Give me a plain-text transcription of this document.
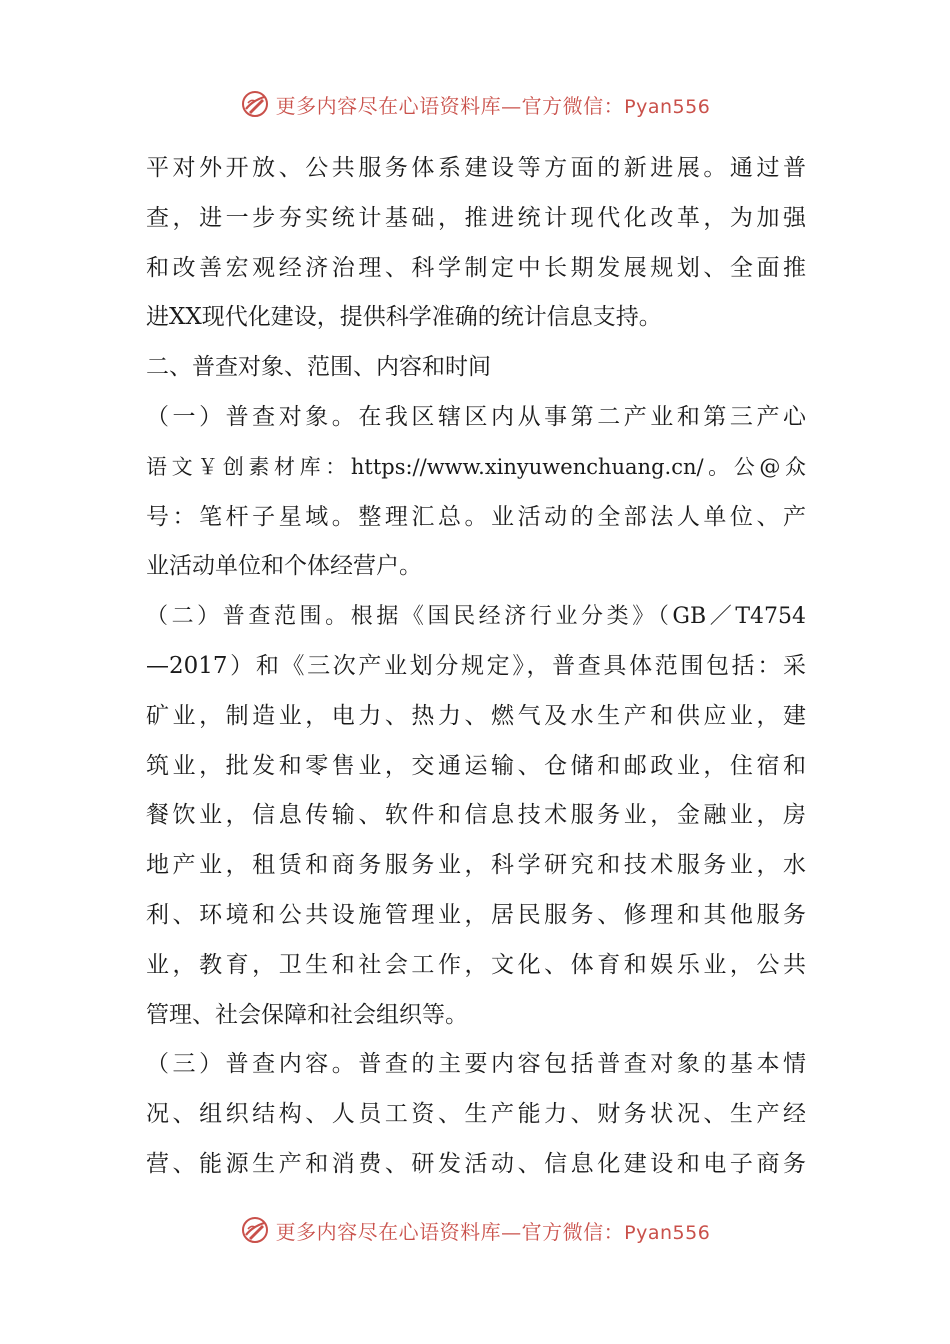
更多内容尽在心语资料库—官方微信：Pyan556
平对外开放、公共服务体系建设等方面的新进展。通过普
查，进一步夯实统计基础，推进统计现代化改革，为加强
和改善宏观经济治理、科学制定中长期发展规划、全面推
进XX现代化建设，提供科学准确的统计信息支持。
二、普查对象、范围、内容和时间
（一）普查对象。在我区辖区内从事第二产业和第三产心
语文￥创素材库：https://www.xinyuwenchuang.cn/。公@众
号：笔杆子星域。整理汇总。业活动的全部法人单位、产
业活动单位和个体经营户。
（二）普查范围。根据《国民经济行业分类》（GB／T4754
—2017）和《三次产业划分规定》，普查具体范围包括：采
矿业，制造业，电力、热力、燃气及水生产和供应业，建
筑业，批发和零售业，交通运输、仓储和邮政业，住宿和
餐饮业，信息传输、软件和信息技术服务业，金融业，房
地产业，租赁和商务服务业，科学研究和技术服务业，水
利、环境和公共设施管理业，居民服务、修理和其他服务
业，教育，卫生和社会工作，文化、体育和娱乐业，公共
管理、社会保障和社会组织等。
（三）普查内容。普查的主要内容包括普查对象的基本情
况、组织结构、人员工资、生产能力、财务状况、生产经
营、能源生产和消费、研发活动、信息化建设和电子商务
更多内容尽在心语资料库—官方微信：Pyan556
